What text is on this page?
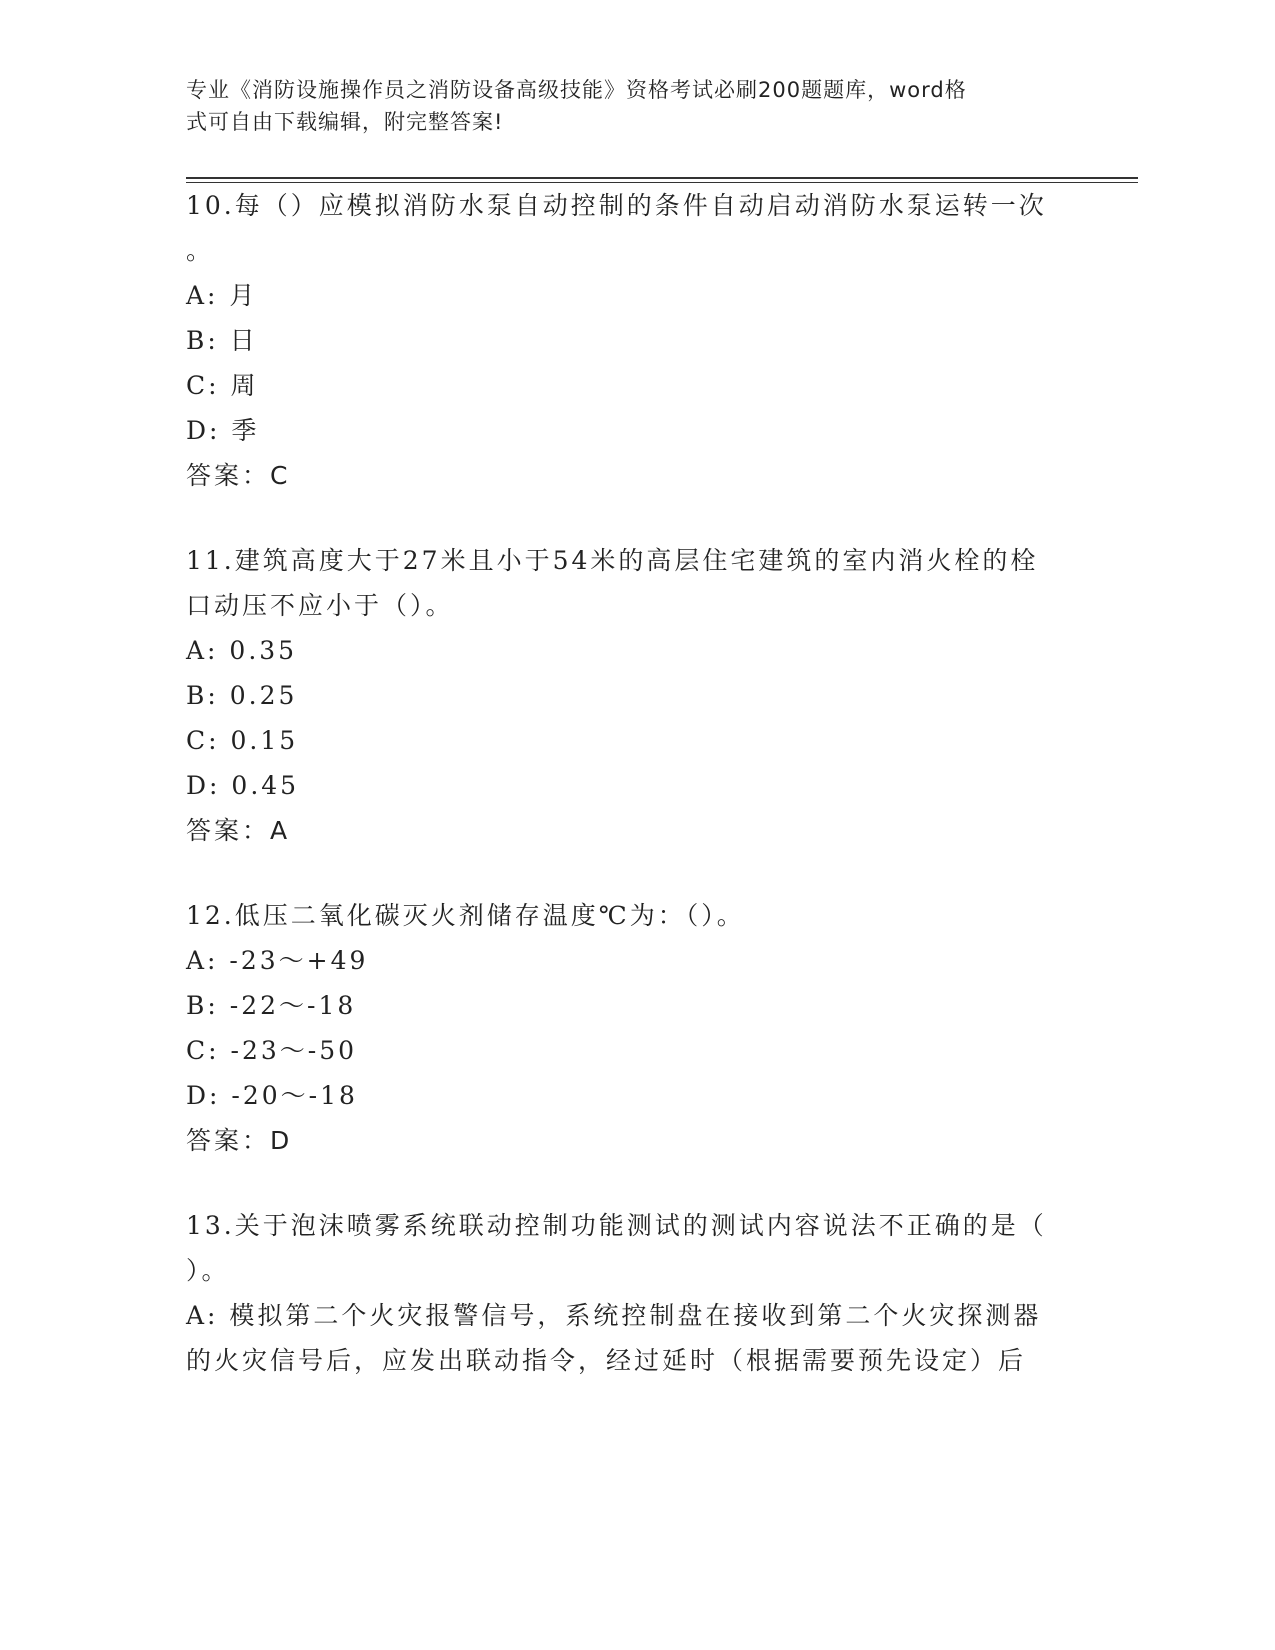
专业《消防设施操作员之消防设备高级技能》资格考试必刷200题题库，word格
式可自由下载编辑，附完整答案!
10.每（）应模拟消防水泵自动控制的条件自动启动消防水泵运转一次
。
A: 月
B: 日
C: 周
D: 季
答案：C
11.建筑高度大于27米且小于54米的高层住宅建筑的室内消火栓的栓
口动压不应小于（）。
A: 0.35
B: 0.25
C: 0.15
D: 0.45
答案：A
12.低压二氧化碳灭火剂储存温度℃为：（）。
A: -23～+49
B: -22～-18
C: -23～-50
D: -20～-18
答案：D
13.关于泡沫喷雾系统联动控制功能测试的测试内容说法不正确的是（
）。
A: 模拟第二个火灾报警信号，系统控制盘在接收到第二个火灾探测器
的火灾信号后，应发出联动指令，经过延时（根据需要预先设定）后
